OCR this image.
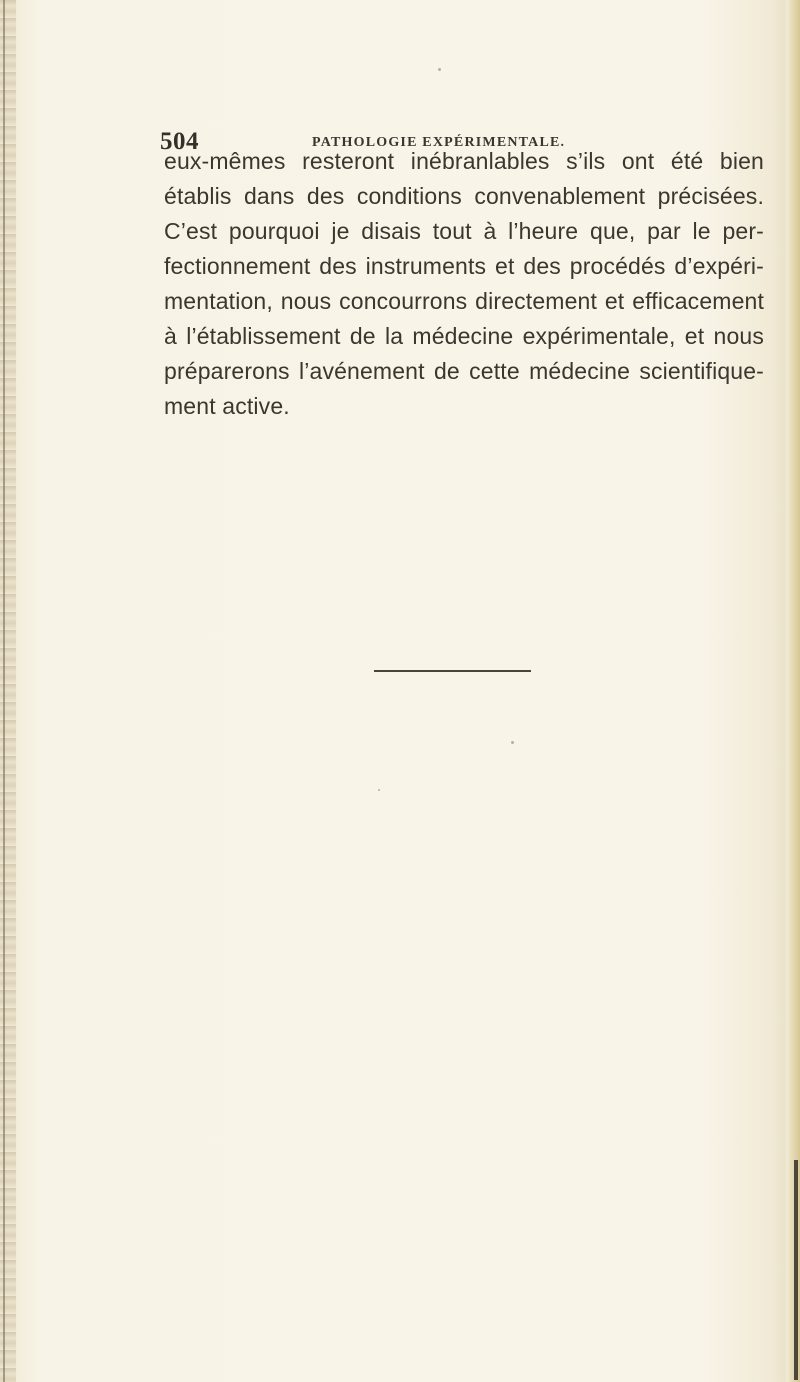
504	PATHOLOGIE EXPÉRIMENTALE.
eux-mêmes resteront inébranlables s’ils ont été bien
établis dans des conditions convenablement précisées.
C’est pourquoi je disais tout à l’heure que, par le per-
fectionnement des instruments et des procédés d’expéri-
mentation, nous concourrons directement et efficacement
à l’établissement de la médecine expérimentale, et nous
préparerons l’avénement de cette médecine scientifique-
ment active.
